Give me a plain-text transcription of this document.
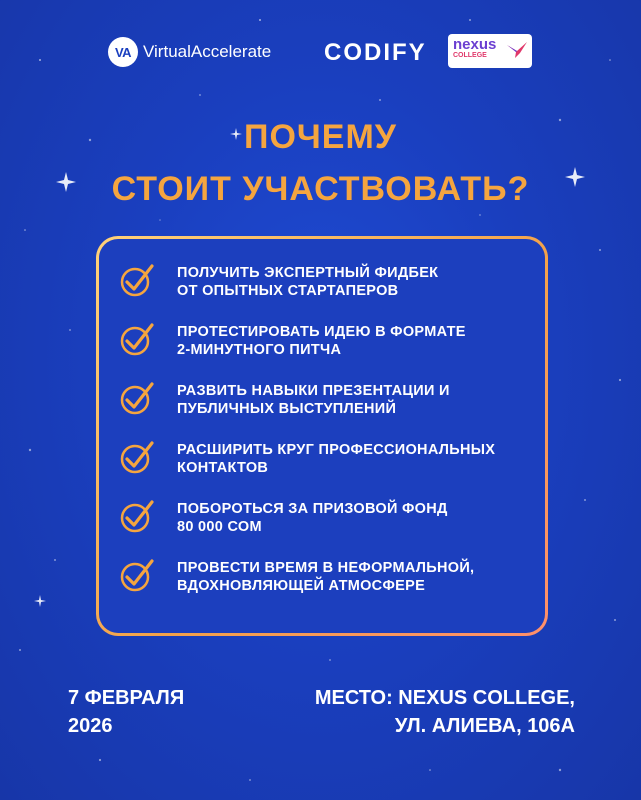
VA VirtualAccelerate CODIFY nexus
COLLEGE
ПОЧЕМУ
СТОИТ УЧАСТВОВАТЬ?
ПОЛУЧИТЬ ЭКСПЕРТНЫЙ ФИДБЕК
ОТ ОПЫТНЫХ СТАРТАПЕРОВ
ПРОТЕСТИРОВАТЬ ИДЕЮ В ФОРМАТЕ
2-МИНУТНОГО ПИТЧА
РАЗВИТЬ НАВЫКИ ПРЕЗЕНТАЦИИ И
ПУБЛИЧНЫХ ВЫСТУПЛЕНИЙ
РАСШИРИТЬ КРУГ ПРОФЕССИОНАЛЬНЫХ
КОНТАКТОВ
ПОБОРОТЬСЯ ЗА ПРИЗОВОЙ ФОНД
80 000 СОМ
ПРОВЕСТИ ВРЕМЯ В НЕФОРМАЛЬНОЙ,
ВДОХНОВЛЯЮЩЕЙ АТМОСФЕРЕ
7 ФЕВРАЛЯ
2026
МЕСТО: NEXUS COLLEGE,
УЛ. АЛИЕВА, 106А
